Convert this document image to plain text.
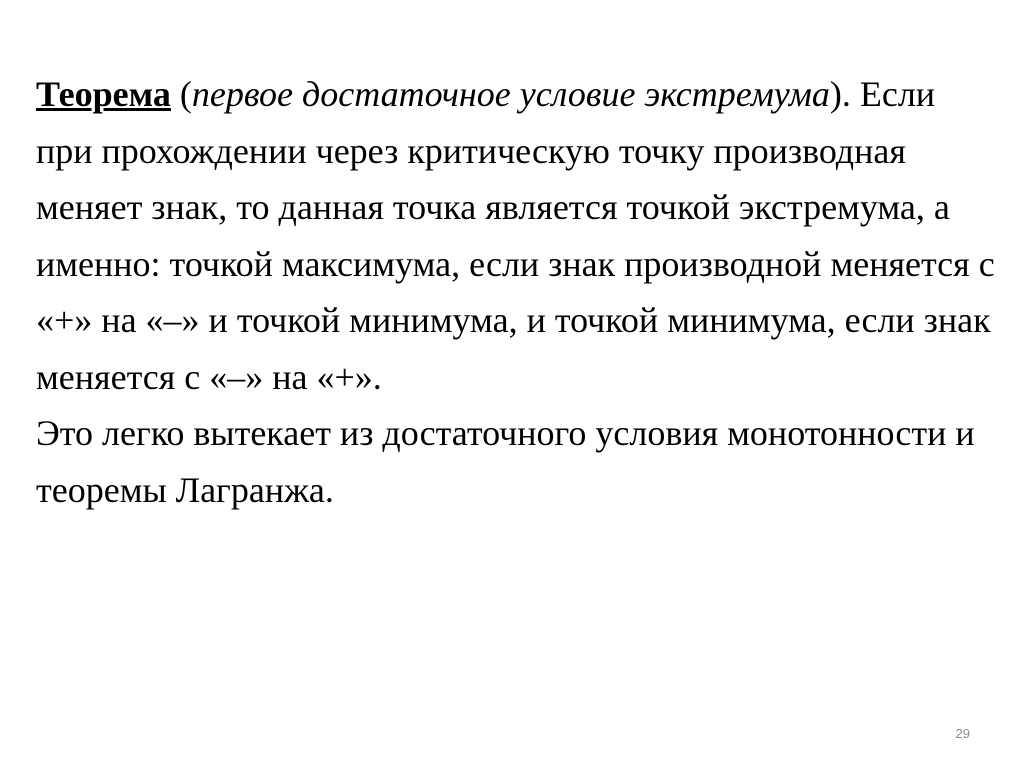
Теорема (первое достаточное условие экстремума). Если при прохождении через критическую точку производная меняет знак, то данная точка является точкой экстремума, а именно: точкой максимума, если знак производной меняется с «+» на «–» и точкой минимума, и точкой минимума, если знак меняется с «–» на «+».

Это легко вытекает из достаточного условия монотонности и теоремы Лагранжа.

29
